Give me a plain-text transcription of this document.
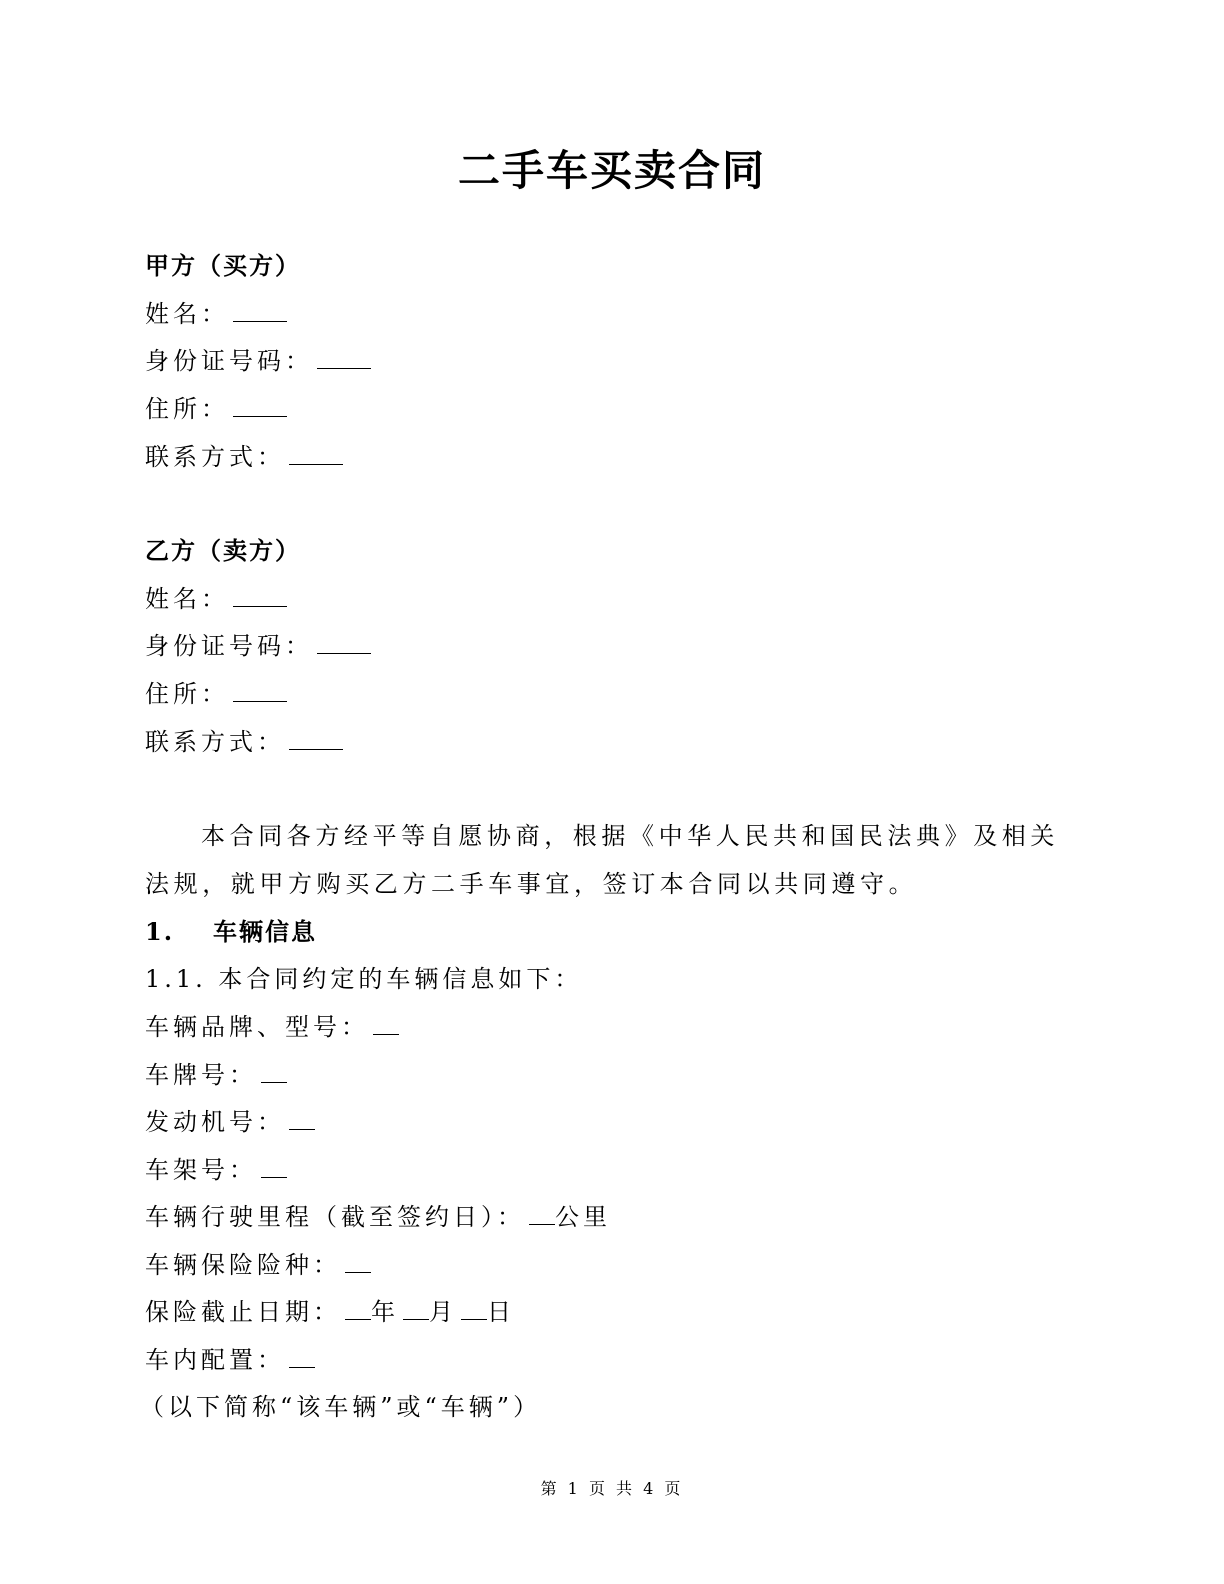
二手车买卖合同
甲方（买方）
姓名：
身份证号码：
住所：
联系方式：
乙方（卖方）
姓名：
身份证号码：
住所：
联系方式：
本合同各方经平等自愿协商，根据《中华人民共和国民法典》及相关法规，就甲方购买乙方二手车事宜，签订本合同以共同遵守。
1. 车辆信息
1.1. 本合同约定的车辆信息如下：
车辆品牌、型号：
车牌号：
发动机号：
车架号：
车辆行驶里程（截至签约日）： 公里
车辆保险险种：
保险截止日期： 年 月 日
车内配置：
（以下简称“该车辆”或“车辆”）
第 1 页 共 4 页
